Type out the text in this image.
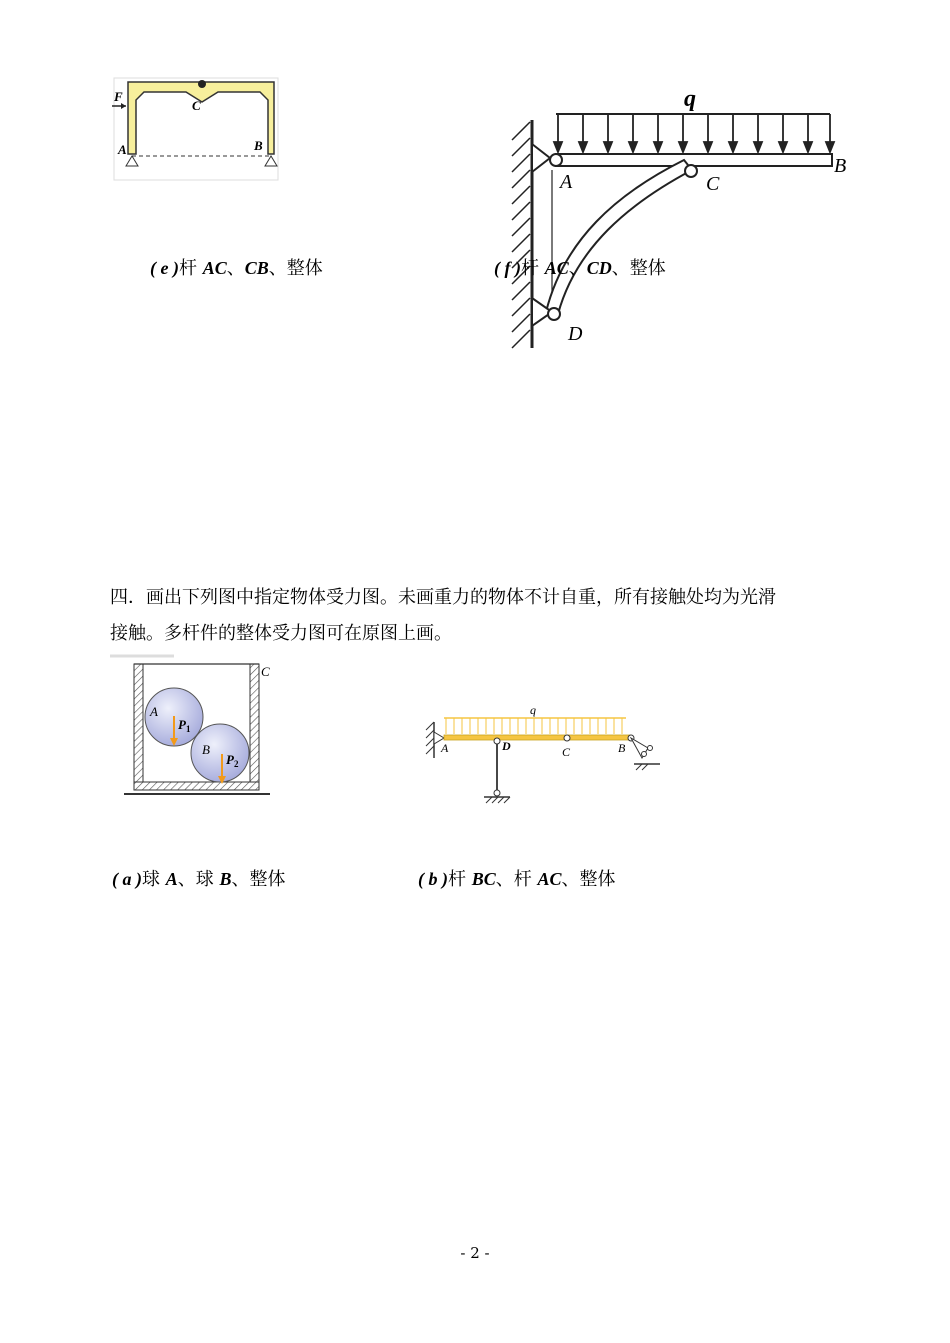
F
C
A	B
( e )杆 AC、CB、整体
q
A
B
C
D
( f )杆 AC、CD、整体
四．画出下列图中指定物体受力图。未画重力的物体不计自重，所有接触处均为光滑
接触。多杆件的整体受力图可在原图上画。
A
$P_1$
B
$P_2$
C
( a )球 A、球 B、整体
q
A	D	C	B
( b )杆 BC、杆 AC、整体
- 2 -
